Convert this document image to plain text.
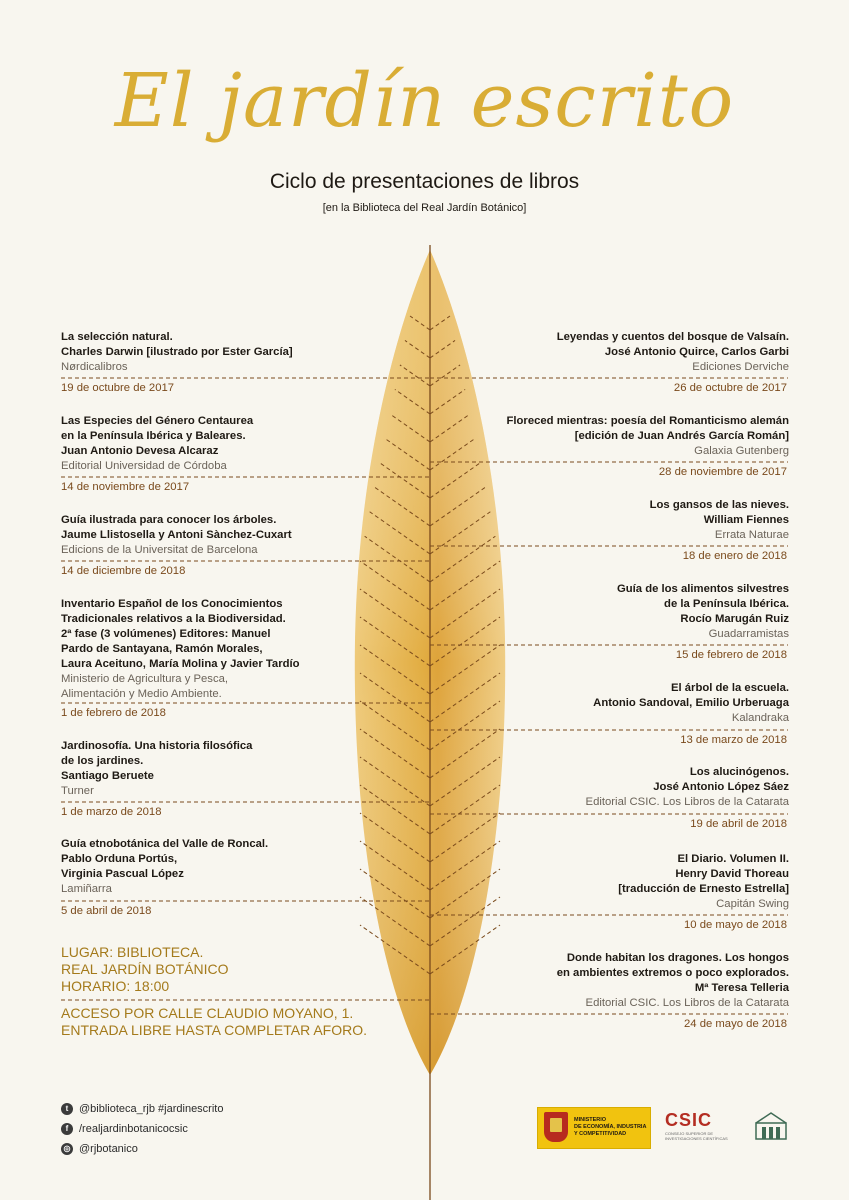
El jardín escrito
Ciclo de presentaciones de libros
[en la Biblioteca del Real Jardín Botánico]
La selección natural.
Charles Darwin [ilustrado por Ester García]
Nørdicalibros
19 de octubre de 2017
Las Especies del Género Centaurea
en la Península Ibérica y Baleares.
Juan Antonio Devesa Alcaraz
Editorial Universidad de Córdoba
14 de noviembre de 2017
Guía ilustrada para conocer los árboles.
Jaume Llistosella y Antoni Sànchez-Cuxart
Edicions de la Universitat de Barcelona
14 de diciembre de 2018
Inventario Español de los Conocimientos
Tradicionales relativos a la Biodiversidad.
2ª fase (3 volúmenes) Editores: Manuel
Pardo de Santayana, Ramón Morales,
Laura Aceituno, María Molina y Javier Tardío
Ministerio de Agricultura y Pesca,
Alimentación y Medio Ambiente.
1 de febrero de 2018
Jardinosofía. Una historia filosófica
de los jardines.
Santiago Beruete
Turner
1 de marzo de 2018
Guía etnobotánica del Valle de Roncal.
Pablo Orduna Portús,
Virginia Pascual López
Lamiñarra
5 de abril de 2018
Leyendas y cuentos del bosque de Valsaín.
José Antonio Quirce, Carlos Garbi
Ediciones Derviche
26 de octubre de 2017
Floreced mientras: poesía del Romanticismo alemán
[edición de Juan Andrés García Román]
Galaxia Gutenberg
28 de noviembre de 2017
Los gansos de las nieves.
William Fiennes
Errata Naturae
18 de enero de 2018
Guía de los alimentos silvestres
de la Península Ibérica.
Rocío Marugán Ruiz
Guadarramistas
15 de febrero de 2018
El árbol de la escuela.
Antonio Sandoval, Emilio Urberuaga
Kalandraka
13 de marzo de 2018
Los alucinógenos.
José Antonio López Sáez
Editorial CSIC. Los Libros de la Catarata
19 de abril de 2018
El Diario. Volumen II.
Henry David Thoreau
[traducción de Ernesto Estrella]
Capitán Swing
10 de mayo de 2018
Donde habitan los dragones. Los hongos
en ambientes extremos o poco explorados.
Mª Teresa Telleria
Editorial CSIC. Los Libros de la Catarata
24 de mayo de 2018
LUGAR: BIBLIOTECA.
REAL JARDÍN BOTÁNICO
HORARIO: 18:00
ACCESO POR CALLE CLAUDIO MOYANO, 1.
ENTRADA LIBRE HASTA COMPLETAR AFORO.
t @biblioteca_rjb #jardinescrito
f /realjardinbotanicocsic
◎ @rjbotanico
MINISTERIO
DE ECONOMÍA, INDUSTRIA
Y COMPETITIVIDAD
CSIC
CONSEJO SUPERIOR DE INVESTIGACIONES CIENTÍFICAS
